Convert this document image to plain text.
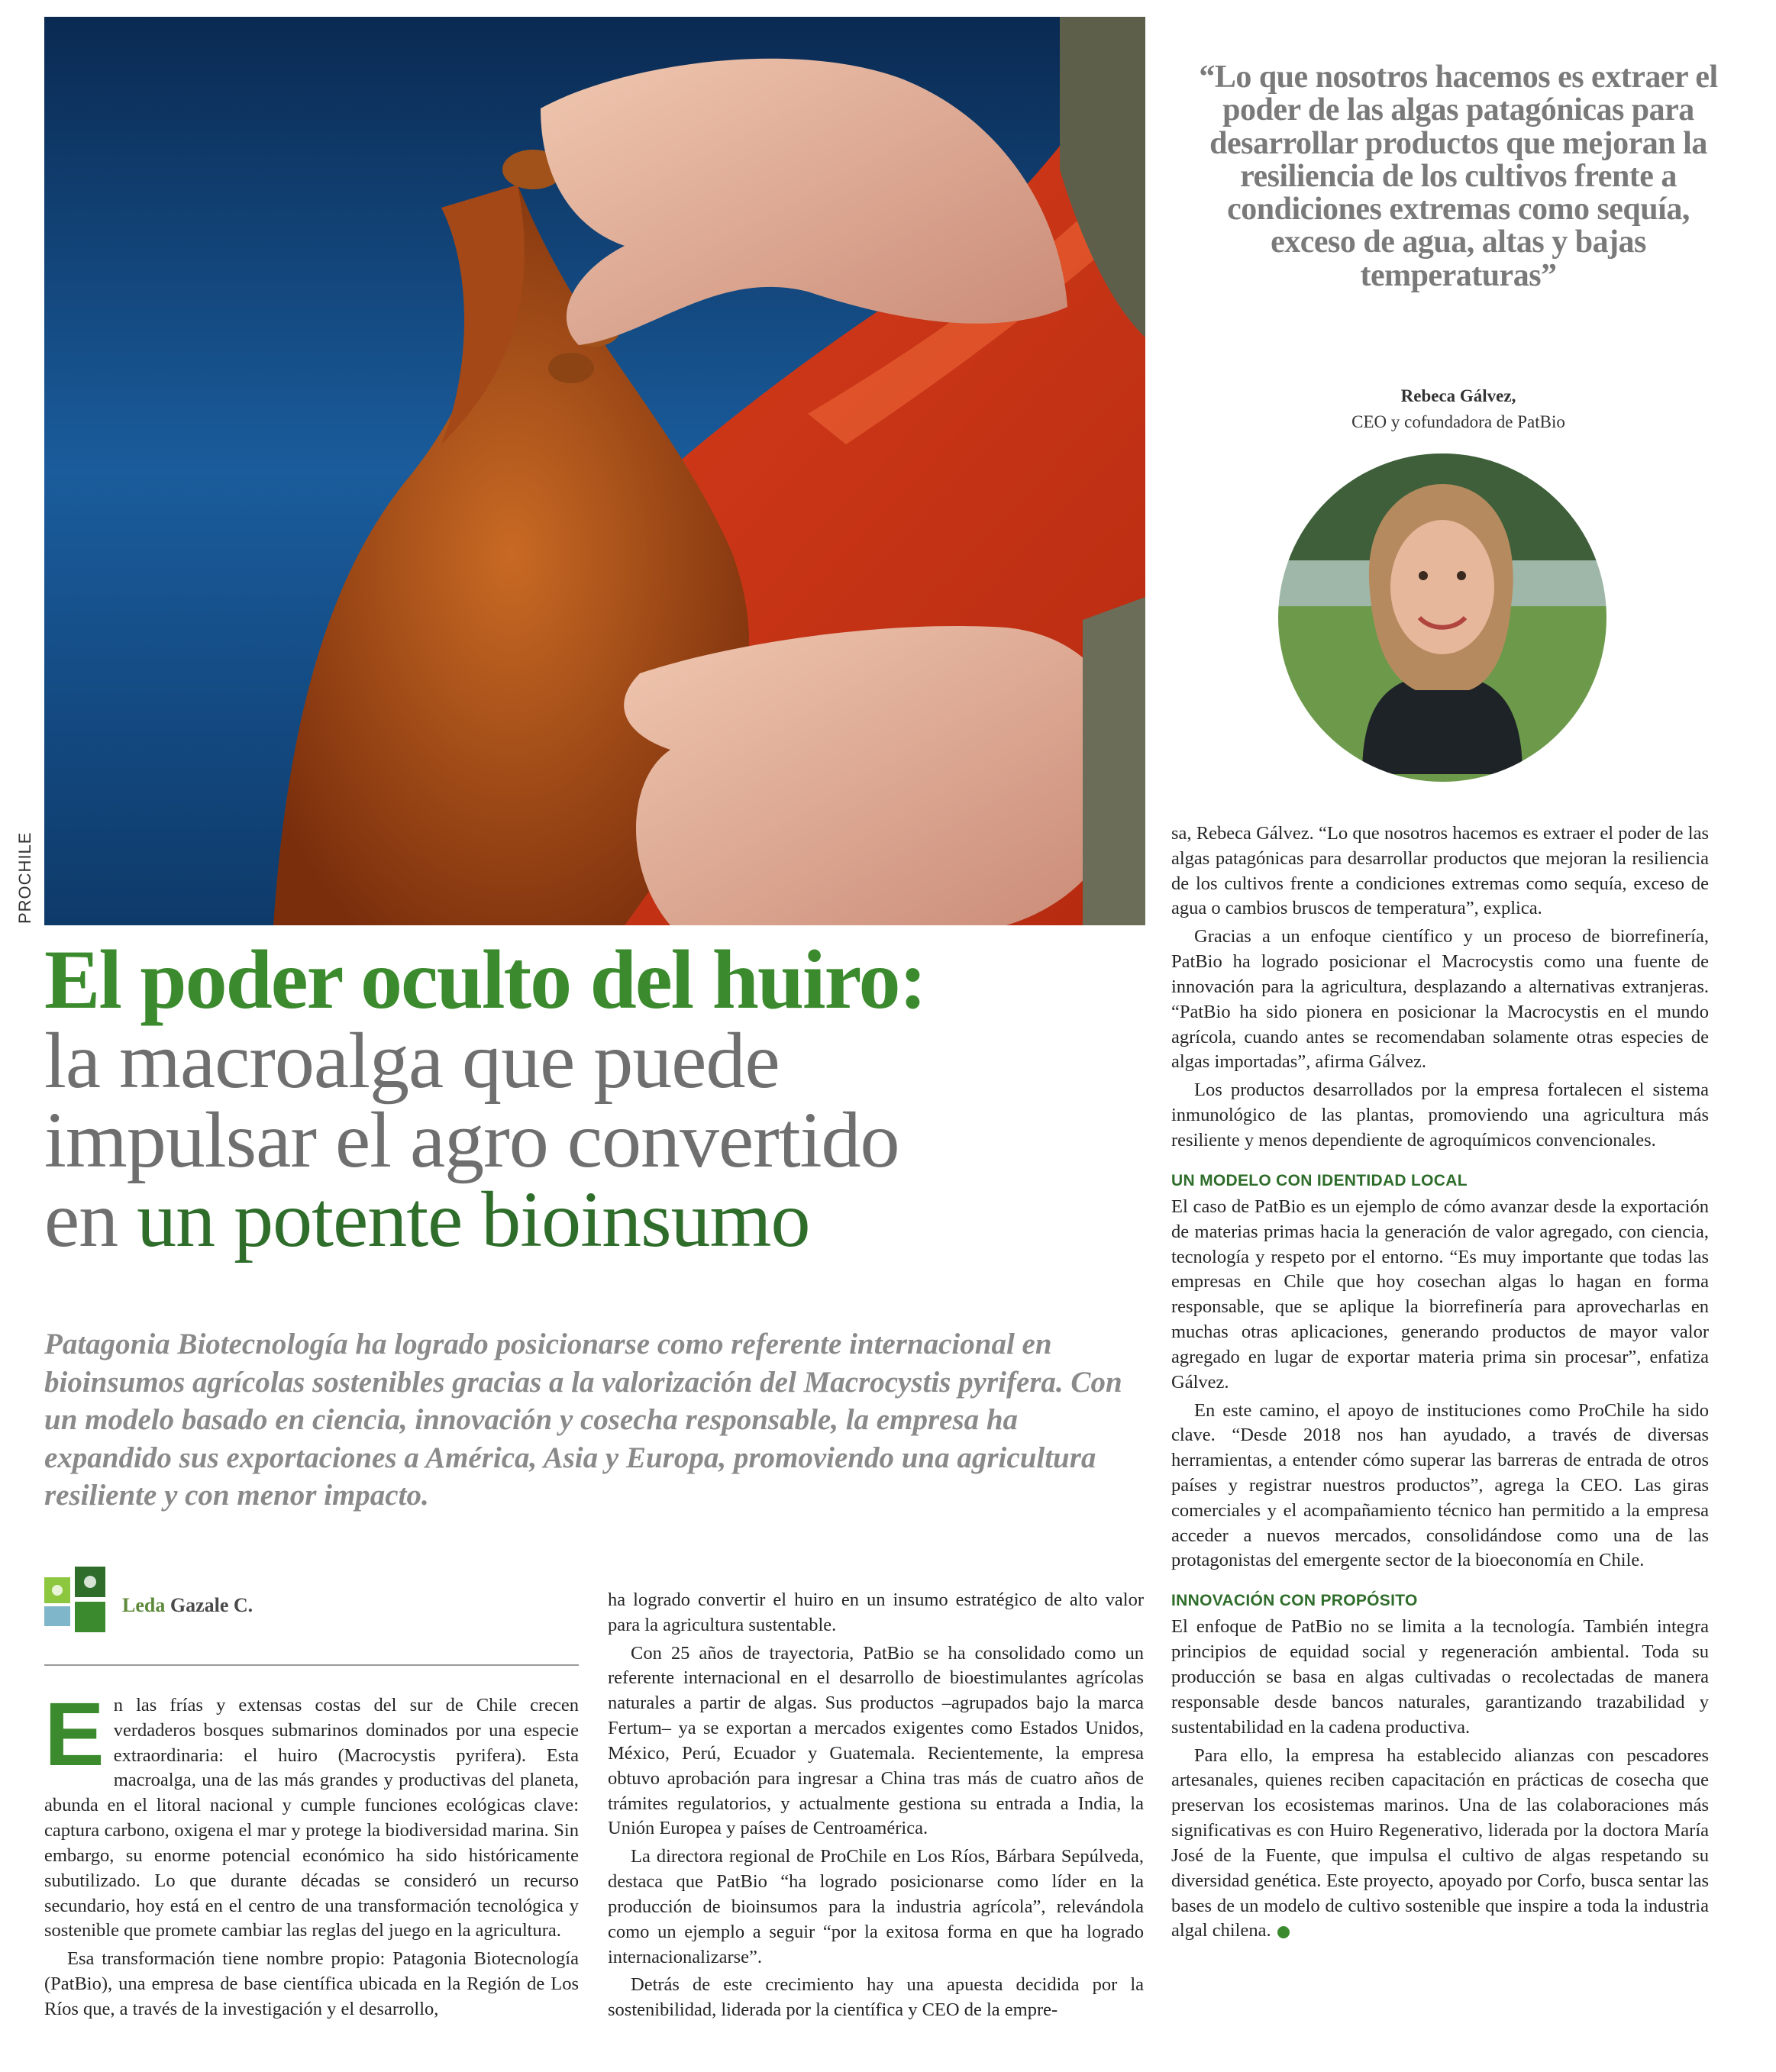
PROCHILE
El poder oculto del huiro:
la macroalga que puede
impulsar el agro convertido
en un potente bioinsumo
Patagonia Biotecnología ha logrado posicionarse como referente internacional en bioinsumos agrícolas sostenibles gracias a la valorización del Macrocystis pyrifera. Con un modelo basado en ciencia, innovación y cosecha responsable, la empresa ha expandido sus exportaciones a América, Asia y Europa, promoviendo una agricultura resiliente y con menor impacto.
Leda Gazale C.

En las frías y extensas costas del sur de Chile crecen verdaderos bosques submarinos dominados por una especie extraordinaria: el huiro (Macrocystis pyrifera). Esta macroalga, una de las más grandes y productivas del planeta, abunda en el litoral nacional y cumple funciones ecológicas clave: captura carbono, oxigena el mar y protege la biodiversidad marina. Sin embargo, su enorme potencial económico ha sido históricamente subutilizado. Lo que durante décadas se consideró un recurso secundario, hoy está en el centro de una transformación tecnológica y sostenible que promete cambiar las reglas del juego en la agricultura.

Esa transformación tiene nombre propio: Patagonia Biotecnología (PatBio), una empresa de base científica ubicada en la Región de Los Ríos que, a través de la investigación y el desarrollo,

ha logrado convertir el huiro en un insumo estratégico de alto valor para la agricultura sustentable.

Con 25 años de trayectoria, PatBio se ha consolidado como un referente internacional en el desarrollo de bioestimulantes agrícolas naturales a partir de algas. Sus productos –agrupados bajo la marca Fertum– ya se exportan a mercados exigentes como Estados Unidos, México, Perú, Ecuador y Guatemala. Recientemente, la empresa obtuvo aprobación para ingresar a China tras más de cuatro años de trámites regulatorios, y actualmente gestiona su entrada a India, la Unión Europea y países de Centroamérica.

La directora regional de ProChile en Los Ríos, Bárbara Sepúlveda, destaca que PatBio “ha logrado posicionarse como líder en la producción de bioinsumos para la industria agrícola”, relevándola como un ejemplo a seguir “por la exitosa forma en que ha logrado internacionalizarse”.

Detrás de este crecimiento hay una apuesta decidida por la sostenibilidad, liderada por la científica y CEO de la empre-

“Lo que nosotros hacemos es extraer el poder de las algas patagónicas para desarrollar productos que mejoran la resiliencia de los cultivos frente a condiciones extremas como sequía, exceso de agua, altas y bajas temperaturas”
Rebeca Gálvez,
CEO y cofundadora de PatBio

sa, Rebeca Gálvez. “Lo que nosotros hacemos es extraer el poder de las algas patagónicas para desarrollar productos que mejoran la resiliencia de los cultivos frente a condiciones extremas como sequía, exceso de agua o cambios bruscos de temperatura”, explica.

Gracias a un enfoque científico y un proceso de biorrefinería, PatBio ha logrado posicionar el Macrocystis como una fuente de innovación para la agricultura, desplazando a alternativas extranjeras. “PatBio ha sido pionera en posicionar la Macrocystis en el mundo agrícola, cuando antes se recomendaban solamente otras especies de algas importadas”, afirma Gálvez.

Los productos desarrollados por la empresa fortalecen el sistema inmunológico de las plantas, promoviendo una agricultura más resiliente y menos dependiente de agroquímicos convencionales.

UN MODELO CON IDENTIDAD LOCAL

El caso de PatBio es un ejemplo de cómo avanzar desde la exportación de materias primas hacia la generación de valor agregado, con ciencia, tecnología y respeto por el entorno. “Es muy importante que todas las empresas en Chile que hoy cosechan algas lo hagan en forma responsable, que se aplique la biorrefinería para aprovecharlas en muchas otras aplicaciones, generando productos de mayor valor agregado en lugar de exportar materia prima sin procesar”, enfatiza Gálvez.

En este camino, el apoyo de instituciones como ProChile ha sido clave. “Desde 2018 nos han ayudado, a través de diversas herramientas, a entender cómo superar las barreras de entrada de otros países y registrar nuestros productos”, agrega la CEO. Las giras comerciales y el acompañamiento técnico han permitido a la empresa acceder a nuevos mercados, consolidándose como una de las protagonistas del emergente sector de la bioeconomía en Chile.

INNOVACIÓN CON PROPÓSITO

El enfoque de PatBio no se limita a la tecnología. También integra principios de equidad social y regeneración ambiental. Toda su producción se basa en algas cultivadas o recolectadas de manera responsable desde bancos naturales, garantizando trazabilidad y sustentabilidad en la cadena productiva.

Para ello, la empresa ha establecido alianzas con pescadores artesanales, quienes reciben capacitación en prácticas de cosecha que preservan los ecosistemas marinos. Una de las colaboraciones más significativas es con Huiro Regenerativo, liderada por la doctora María José de la Fuente, que impulsa el cultivo de algas respetando su diversidad genética. Este proyecto, apoyado por Corfo, busca sentar las bases de un modelo de cultivo sostenible que inspire a toda la industria algal chilena.
